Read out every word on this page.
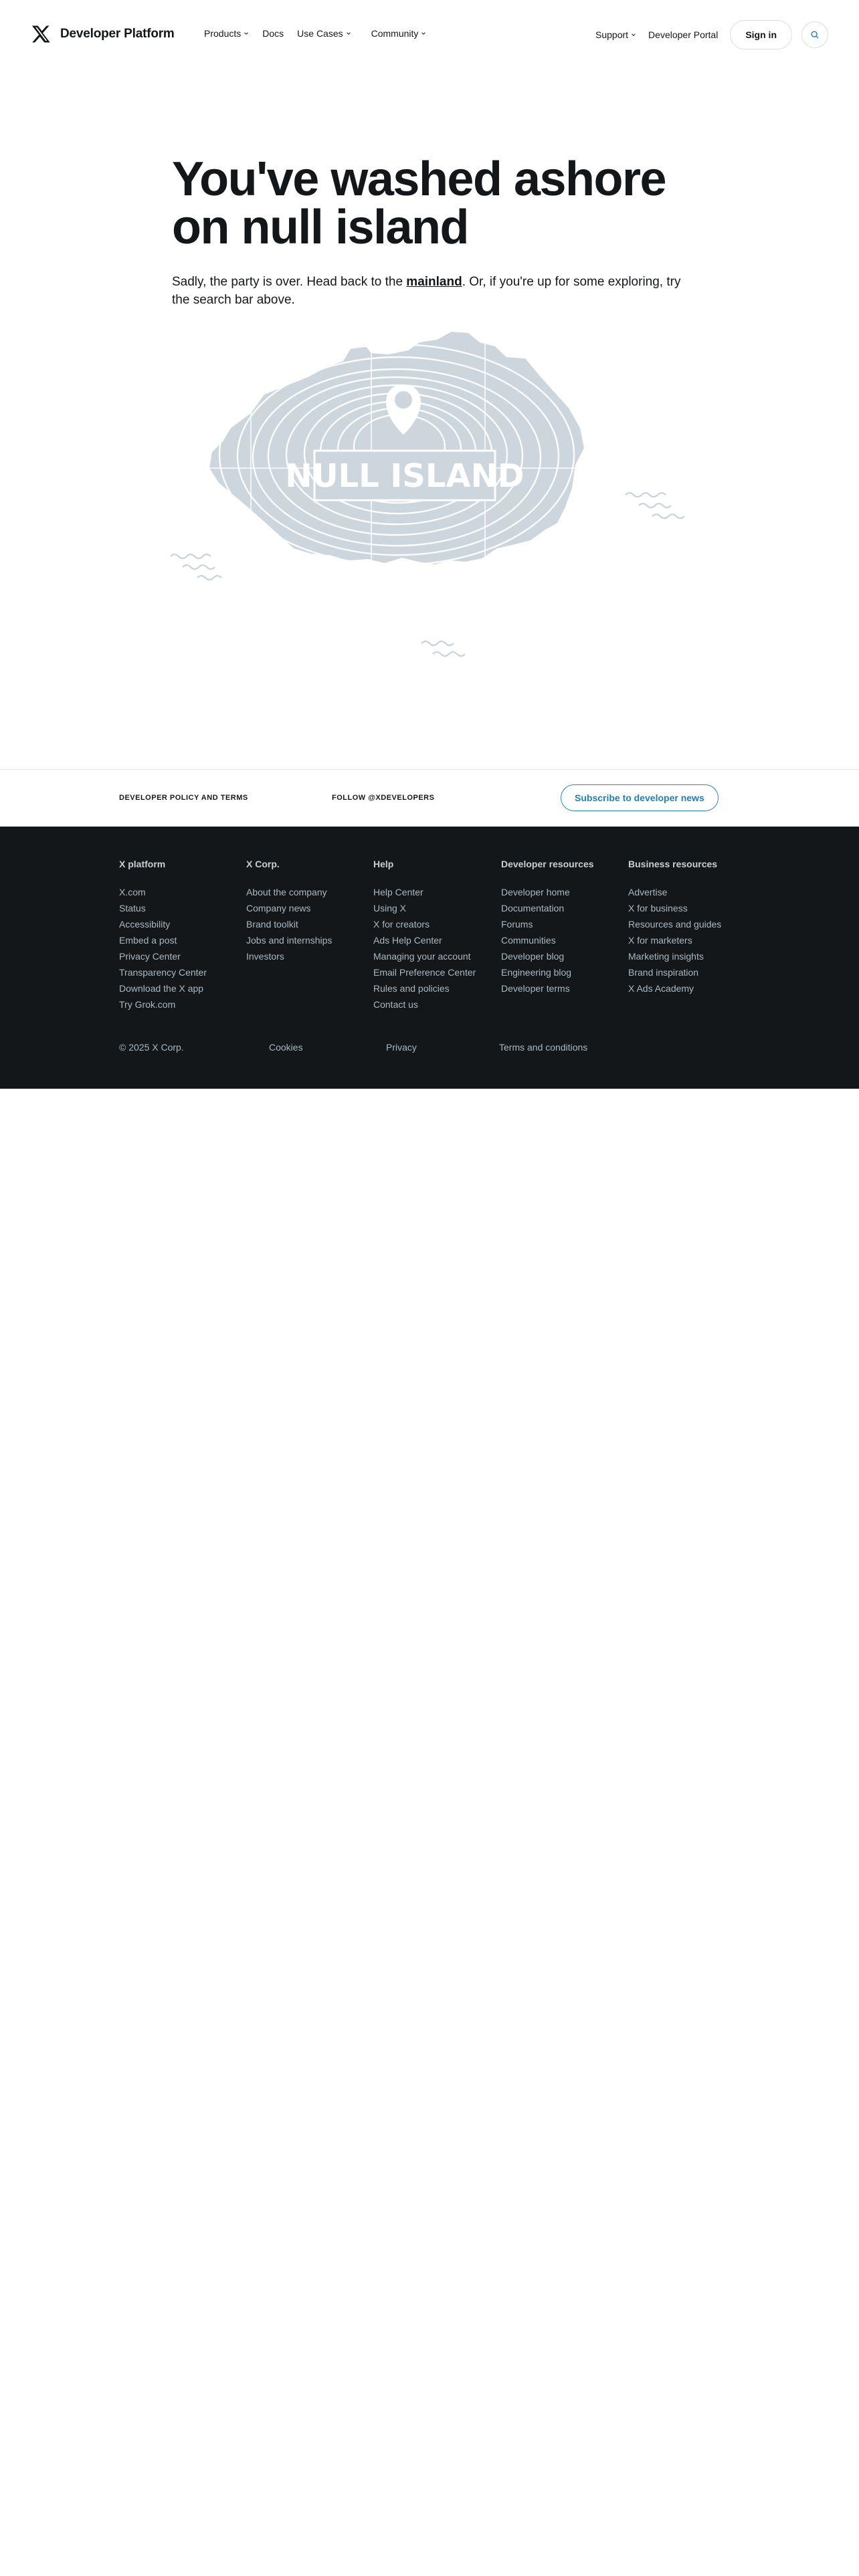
Developer Platform	Products Docs Use Cases	Community	Support Developer Portal	Sign in
You've washed ashore on null island

Sadly, the party is over. Head back to the mainland. Or, if you're up for some exploring, try the search bar above.

NULL ISLAND
DEVELOPER POLICY AND TERMS	FOLLOW @XDEVELOPERS	Subscribe to developer news
X platform
X.com
Status
Accessibility
Embed a post
Privacy Center
Transparency Center
Download the X app
Try Grok.com
X Corp.
About the company
Company news
Brand toolkit
Jobs and internships
Investors
Help
Help Center
Using X
X for creators
Ads Help Center
Managing your account
Email Preference Center
Rules and policies
Contact us
Developer resources
Developer home
Documentation
Forums
Communities
Developer blog
Engineering blog
Developer terms
Business resources
Advertise
X for business
Resources and guides
X for marketers
Marketing insights
Brand inspiration
X Ads Academy
© 2025 X Corp.	Cookies	Privacy	Terms and conditions
